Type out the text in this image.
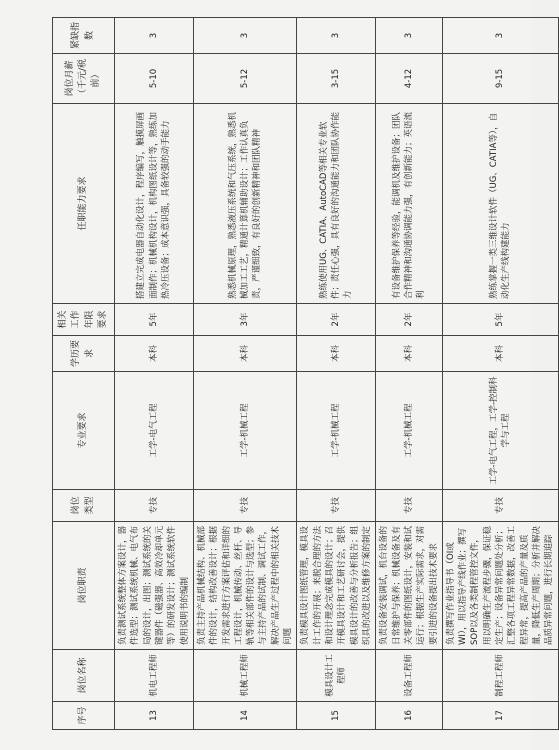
序号	岗位名称	岗位职责	岗位类型	专业要求	学历要求	相关工作年限要求	任职能力要求	岗位月薪（千元/税前）	紧缺指数
13	机电工程师	负责测试系统整体方案设计，器件选型；测试系统机械、电气布局的设计，出图；测试系统的关键器件（磁强器、高效冷却单元等）的研发设计；测试系统软件使用说明书的编制	专技	工学-电气工程	本科	5年	搭建立完成电器自动化设计，程序编写，触摸屏画面制作；机械机构设计，机构图纸设计等，熟练加热冷压设备；成本意识强，具备较强的动手能力	5-10	3
14	机械工程师	负责主持产品机械结构、机械部件的设计，结构改善设计；根据开发需求进行方案评估和详细的工程设计，机械传动、丝杆、导轨等相关部件的设计与选型；参与主持产品的试制、调试工作，解决产品生产过程中的相关技术问题	专技	工学-机械工程	本科	3年	熟悉机械原理，熟悉液压系统和气压系统，熟悉机械加工工艺，精通计算机辅助设计；工作认真负责，严谨细致，有良好的创新精神和团队精神	5-12	3
15	模具设计工程师	负责模具设计图纸管理，模具设计工作的开展；来脱合理的方法和设计理念完成模具的设计；召开模具设计和工艺研讨会，提供模具设计的改善与分析报告；组织具的改进以及维修方案的制定	专技	工学-机械工程	本科	2年	熟练使用UG、CATIA、AutoCAD等相关专业软件；责任心强，具有良好的沟通能力和团队协作能力	3-15	3
16	设备工程师	负责设备安装调试，机台设备的日常维护与保养；机械设备及有关零部件的图纸设计，安装和试运行；根据生产实际需求，对需要引进的设备提出技术要求	专技	工学-机械工程	本科	2年	有设备维护保养等经验，能调机及维护设备；团队合作精神和沟通协调能力强，有创新能力；英语流利	4-12	3
17	制程工程师	负责撰写作业指导书（OI或WI），用以指导产线作业；撰写SOP以及各类制程管控文件，用以明确生产流程步骤，保证稳定生产；设备异常问题处分析；汇整各项工程异常数据，改善工程异常，提高产品的产量及质量，降低生产周期；分析并解决品质异常问题，进行长期追踪	专技	工学-电气工程，工学-控制科学与工程	本科	5年	熟练掌握一类三维设计软件（UG、CATIA等），自动化生产线构建能力	9-15	3
